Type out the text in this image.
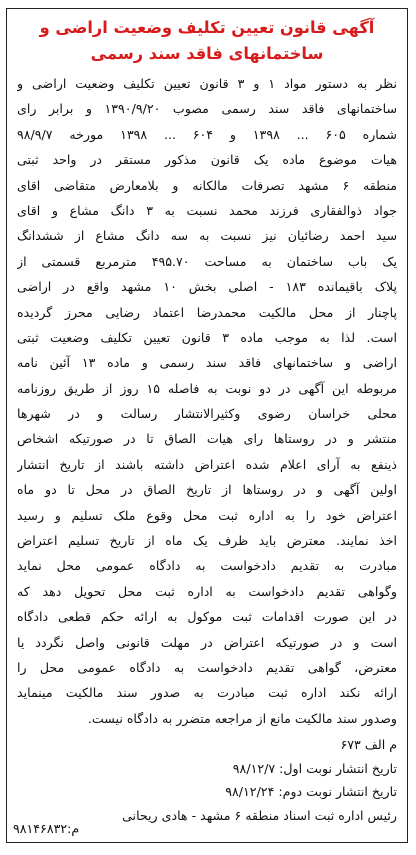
آگهی قانون تعیین تکلیف وضعیت اراضی و
ساختمانهای فاقد سند رسمی
نظر به دستور مواد ۱ و ۳ قانون تعیین تکلیف وضعیت اراضی و
ساختمانهای فاقد سند رسمی مصوب ۱۳۹۰/۹/۲۰ و برابر رای
شماره ۶۰۵ ... ۱۳۹۸ و ۶۰۴ ... ۱۳۹۸ مورخه ۹۸/۹/۷
هیات موضوع ماده یک قانون مذکور مستقر در واحد ثبتی
منطقه ۶ مشهد تصرفات مالکانه و بلامعارض متقاضی اقای
جواد ذوالفقاری فرزند محمد نسبت به ۳ دانگ مشاع و اقای
سید احمد رضائیان نیز نسبت به سه دانگ مشاع از ششدانگ
یک باب ساختمان به مساحت ۴۹۵.۷۰ مترمربع قسمتی از
پلاک باقیمانده ۱۸۳ - اصلی بخش ۱۰ مشهد واقع در اراضی
پاچنار از محل مالکیت محمدرضا اعتماد رضایی محرز گردیده
است. لذا به موجب ماده ۳ قانون تعیین تکلیف وضعیت ثبتی
اراضی و ساختمانهای فاقد سند رسمی و ماده ۱۳ آئین نامه
مربوطه این آگهی در دو نوبت به فاصله ۱۵ روز از طریق روزنامه
محلی خراسان رضوی وکثیرالانتشار رسالت و در شهرها
منتشر و در روستاها رای هیات الصاق تا در صورتیکه اشخاص
ذینفع به آرای اعلام شده اعتراض داشته باشند از تاریخ انتشار
اولین آگهی و در روستاها از تاریخ الصاق در محل تا دو ماه
اعتراض خود را به اداره ثبت محل وقوع ملک تسلیم و رسید
اخذ نمایند. معترض باید ظرف یک ماه از تاریخ تسلیم اعتراض
مبادرت به تقدیم دادخواست به دادگاه عمومی محل نماید
وگواهی تقدیم دادخواست به اداره ثبت محل تحویل دهد که
در این صورت اقدامات ثبت موکول به ارائه حکم قطعی دادگاه
است و در صورتیکه اعتراض در مهلت قانونی واصل نگردد یا
معترض، گواهی تقدیم دادخواست به دادگاه عمومی محل را
ارائه نکند اداره ثبت مبادرت به صدور سند مالکیت مینماید
وصدور سند مالکیت مانع از مراجعه متضرر به دادگاه نیست.
م الف ۶۷۳
تاریخ انتشار نوبت اول: ۹۸/۱۲/۷
تاریخ انتشار نوبت دوم: ۹۸/۱۲/۲۴
رئیس اداره ثبت اسناد منطقه ۶ مشهد - هادی ریحانی
م:۹۸۱۴۶۸۳۲
